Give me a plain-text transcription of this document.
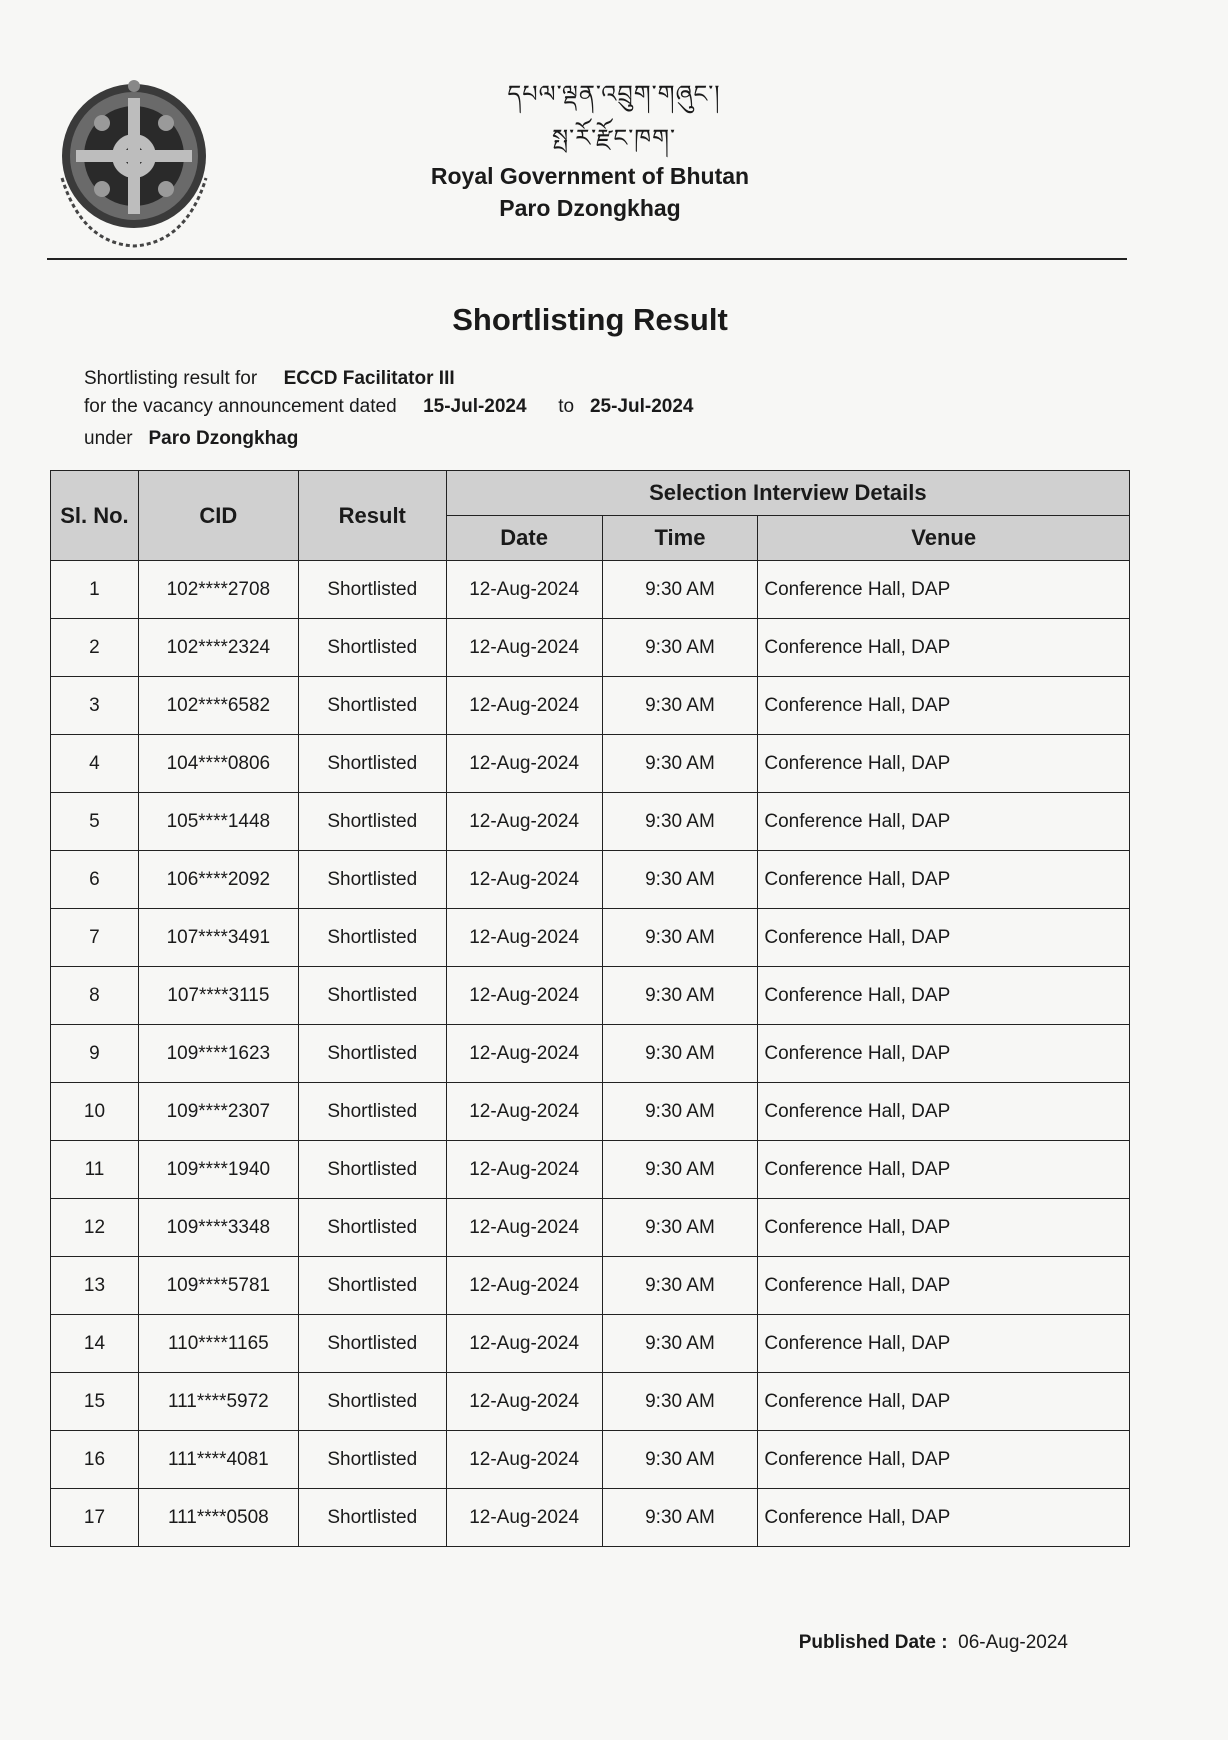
དཔལ་ལྡན་འབྲུག་གཞུང་།
སྤ་རོ་རྫོང་ཁག་
Royal Government of Bhutan
Paro Dzongkhag
Shortlisting Result
Shortlisting result for ECCD Facilitator III
for the vacancy announcement dated 15-Jul-2024 to 25-Jul-2024
under Paro Dzongkhag
Sl. No.	CID	Result	Selection Interview Details		
			Date	Time	Venue
1	102****2708	Shortlisted	12-Aug-2024	9:30 AM	Conference Hall, DAP
2	102****2324	Shortlisted	12-Aug-2024	9:30 AM	Conference Hall, DAP
3	102****6582	Shortlisted	12-Aug-2024	9:30 AM	Conference Hall, DAP
4	104****0806	Shortlisted	12-Aug-2024	9:30 AM	Conference Hall, DAP
5	105****1448	Shortlisted	12-Aug-2024	9:30 AM	Conference Hall, DAP
6	106****2092	Shortlisted	12-Aug-2024	9:30 AM	Conference Hall, DAP
7	107****3491	Shortlisted	12-Aug-2024	9:30 AM	Conference Hall, DAP
8	107****3115	Shortlisted	12-Aug-2024	9:30 AM	Conference Hall, DAP
9	109****1623	Shortlisted	12-Aug-2024	9:30 AM	Conference Hall, DAP
10	109****2307	Shortlisted	12-Aug-2024	9:30 AM	Conference Hall, DAP
11	109****1940	Shortlisted	12-Aug-2024	9:30 AM	Conference Hall, DAP
12	109****3348	Shortlisted	12-Aug-2024	9:30 AM	Conference Hall, DAP
13	109****5781	Shortlisted	12-Aug-2024	9:30 AM	Conference Hall, DAP
14	110****1165	Shortlisted	12-Aug-2024	9:30 AM	Conference Hall, DAP
15	111****5972	Shortlisted	12-Aug-2024	9:30 AM	Conference Hall, DAP
16	111****4081	Shortlisted	12-Aug-2024	9:30 AM	Conference Hall, DAP
17	111****0508	Shortlisted	12-Aug-2024	9:30 AM	Conference Hall, DAP
Published Date : 06-Aug-2024
